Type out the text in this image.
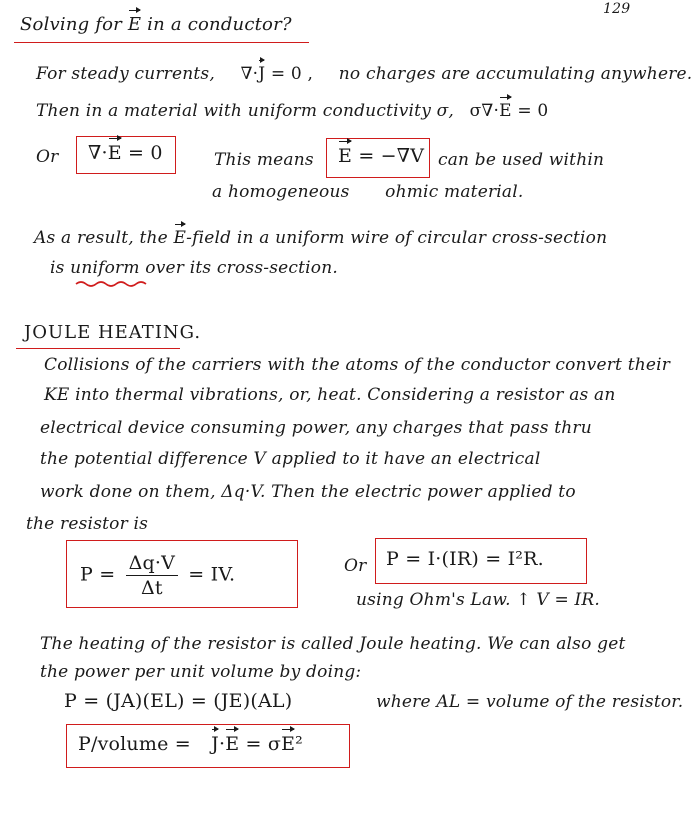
129
Solving for E in a conductor?
For steady currents, ∇·J = 0 , no charges are accumulating anywhere.
Then in a material with uniform conductivity σ, σ∇·E = 0
Or ∇·E = 0	This means E = −∇V can be used within
a homogeneous ohmic material.
As a result, the E-field in a uniform wire of circular cross-section
is uniform over its cross-section.
JOULE HEATING.
Collisions of the carriers with the atoms of the conductor convert their
KE into thermal vibrations, or, heat. Considering a resistor as an
electrical device consuming power, any charges that pass thru
the potential difference V applied to it have an electrical
work done on them, Δq·V. Then the electric power applied to
the resistor is
$P = \frac{\Delta q\cdot V}{\Delta t}$ = IV.	Or P = I·(IR) = I²R.
using Ohm's Law. ↑ V = IR.
The heating of the resistor is called Joule heating. We can also get
the power per unit volume by doing:
P = (JA)(EL) = (JE)(AL)	where AL = volume of the resistor.
P/volume = J·E = σE²
